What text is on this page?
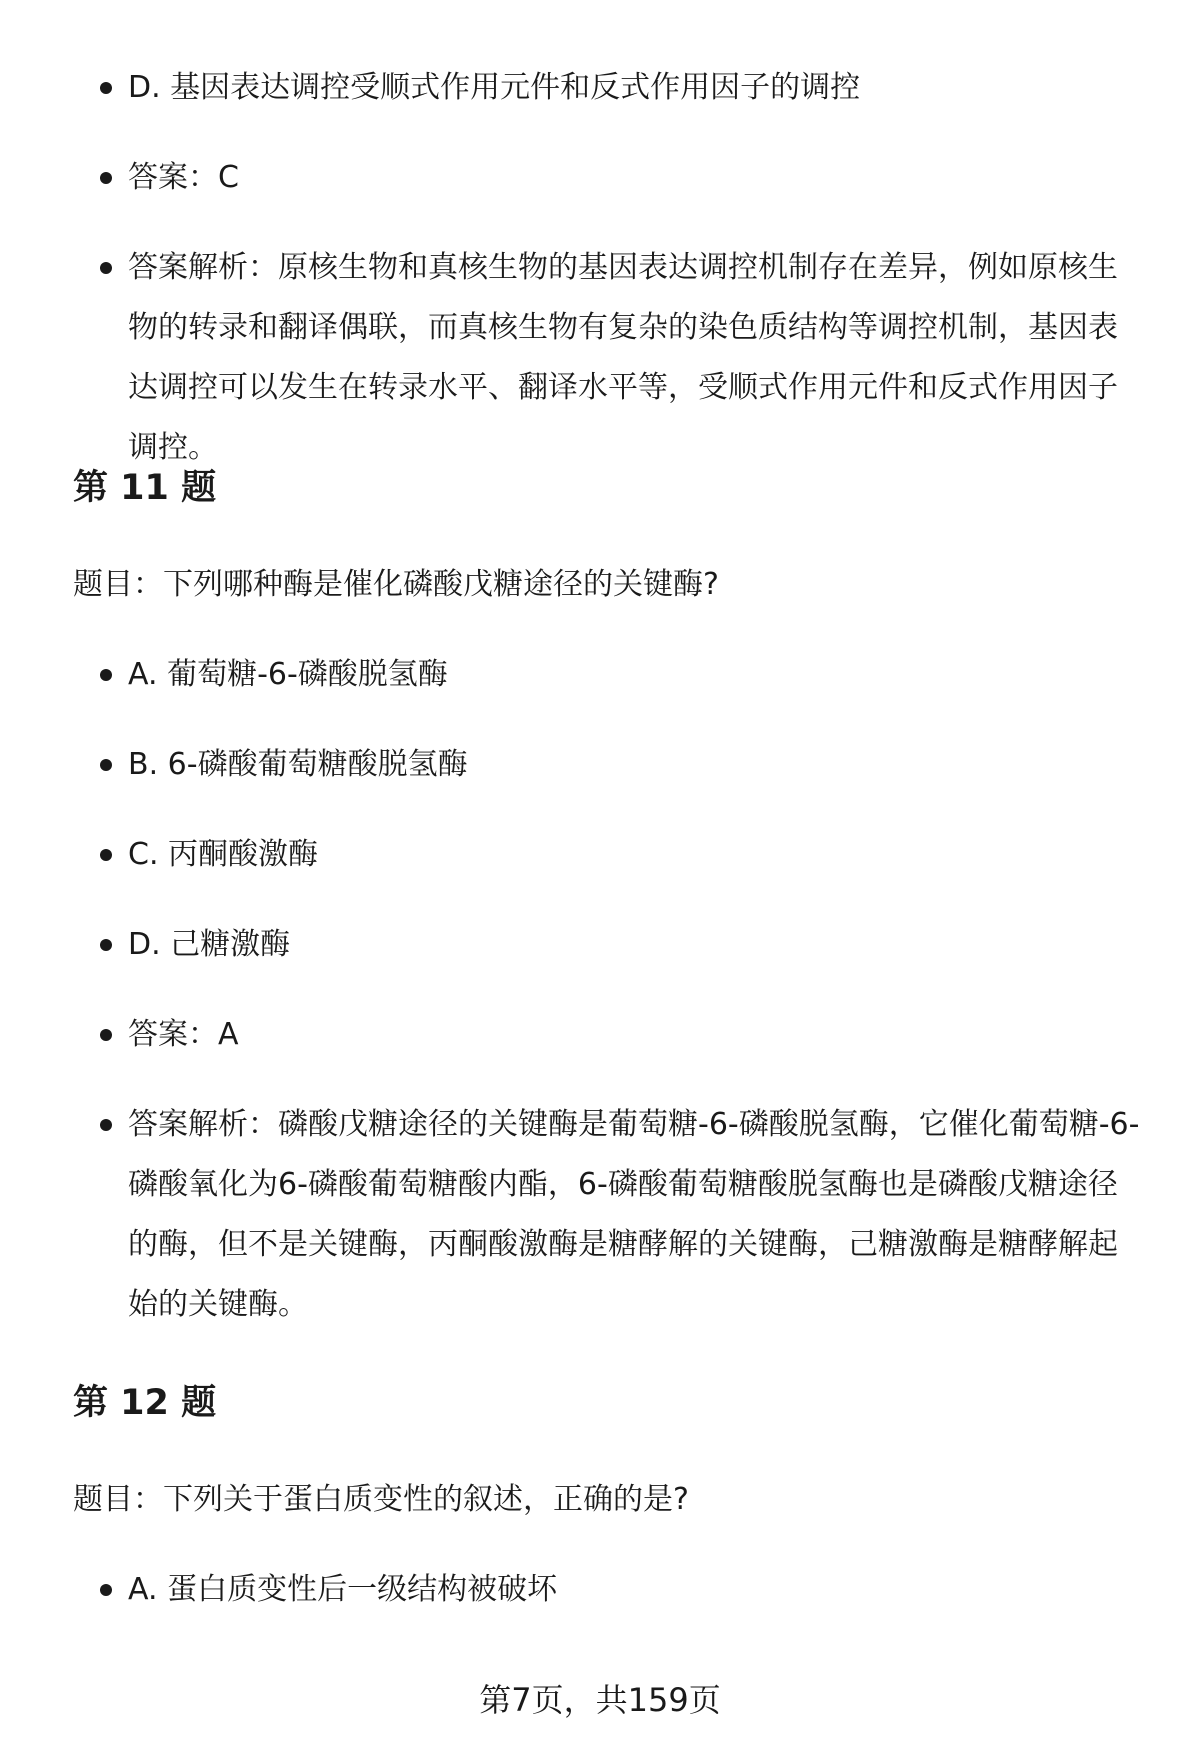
D. 基因表达调控受顺式作用元件和反式作用因子的调控
答案：C
答案解析：原核生物和真核生物的基因表达调控机制存在差异，例如原核生物的转录和翻译偶联，而真核生物有复杂的染色质结构等调控机制，基因表达调控可以发生在转录水平、翻译水平等，受顺式作用元件和反式作用因子调控。
第 11 题

题目：下列哪种酶是催化磷酸戊糖途径的关键酶?

A. 葡萄糖-6-磷酸脱氢酶
B. 6-磷酸葡萄糖酸脱氢酶
C. 丙酮酸激酶
D. 己糖激酶
答案：A
答案解析：磷酸戊糖途径的关键酶是葡萄糖-6-磷酸脱氢酶，它催化葡萄糖-6-磷酸氧化为6-磷酸葡萄糖酸内酯，6-磷酸葡萄糖酸脱氢酶也是磷酸戊糖途径的酶，但不是关键酶，丙酮酸激酶是糖酵解的关键酶，己糖激酶是糖酵解起始的关键酶。
第 12 题

题目：下列关于蛋白质变性的叙述，正确的是?

A. 蛋白质变性后一级结构被破坏
第7页，共159页
